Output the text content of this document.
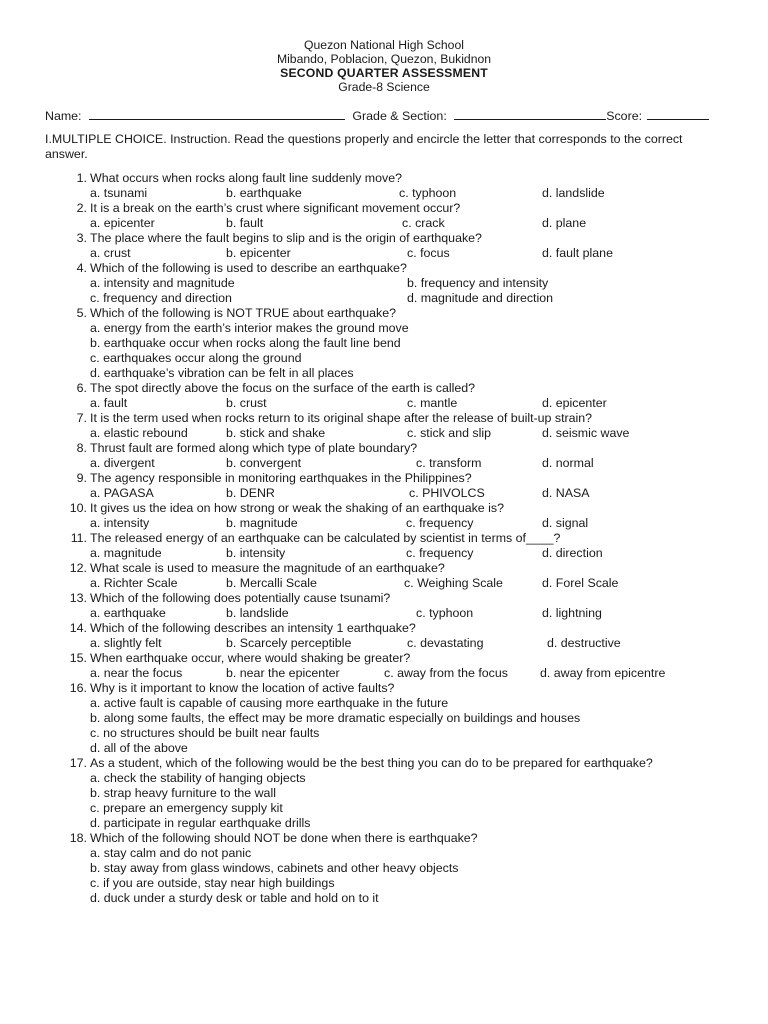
Quezon National High School
Mibando, Poblacion, Quezon, Bukidnon
SECOND QUARTER ASSESSMENT
Grade-8 Science
Name:	Grade & Section:	Score:
I.MULTIPLE CHOICE. Instruction. Read the questions properly and encircle the letter that corresponds to the correct answer.
1. What occurs when rocks along fault line suddenly move?
a. tsunami	b. earthquake	c. typhoon	d. landslide
2. It is a break on the earth’s crust where significant movement occur?
a. epicenter	b. fault	c. crack	d. plane
3. The place where the fault begins to slip and is the origin of earthquake?
a. crust	b. epicenter	c. focus	d. fault plane
4. Which of the following is used to describe an earthquake?
a. intensity and magnitude	b. frequency and intensity
c. frequency and direction	d. magnitude and direction
5. Which of the following is NOT TRUE about earthquake?
a. energy from the earth’s interior makes the ground move
b. earthquake occur when rocks along the fault line bend
c. earthquakes occur along the ground
d. earthquake’s vibration can be felt in all places
6. The spot directly above the focus on the surface of the earth is called?
a. fault	b. crust	c. mantle	d. epicenter
7. It is the term used when rocks return to its original shape after the release of built-up strain?
a. elastic rebound	b. stick and shake	c. stick and slip	d. seismic wave
8. Thrust fault are formed along which type of plate boundary?
a. divergent	b. convergent	c. transform	d. normal
9. The agency responsible in monitoring earthquakes in the Philippines?
a. PAGASA	b. DENR	c. PHIVOLCS	d. NASA
10. It gives us the idea on how strong or weak the shaking of an earthquake is?
a. intensity	b. magnitude	c. frequency	d. signal
11. The released energy of an earthquake can be calculated by scientist in terms of____?
a. magnitude	b. intensity	c. frequency	d. direction
12. What scale is used to measure the magnitude of an earthquake?
a. Richter Scale	b. Mercalli Scale	c. Weighing Scale	d. Forel Scale
13. Which of the following does potentially cause tsunami?
a. earthquake	b. landslide	c. typhoon	d. lightning
14. Which of the following describes an intensity 1 earthquake?
a. slightly felt	b. Scarcely perceptible	c. devastating	d. destructive
15. When earthquake occur, where would shaking be greater?
a. near the focus	b. near the epicenter	c. away from the focus	d. away from epicentre
16. Why is it important to know the location of active faults?
a. active fault is capable of causing more earthquake in the future
b. along some faults, the effect may be more dramatic especially on buildings and houses
c. no structures should be built near faults
d. all of the above
17. As a student, which of the following would be the best thing you can do to be prepared for earthquake?
a. check the stability of hanging objects
b. strap heavy furniture to the wall
c. prepare an emergency supply kit
d. participate in regular earthquake drills
18. Which of the following should NOT be done when there is earthquake?
a. stay calm and do not panic
b. stay away from glass windows, cabinets and other heavy objects
c. if you are outside, stay near high buildings
d. duck under a sturdy desk or table and hold on to it
